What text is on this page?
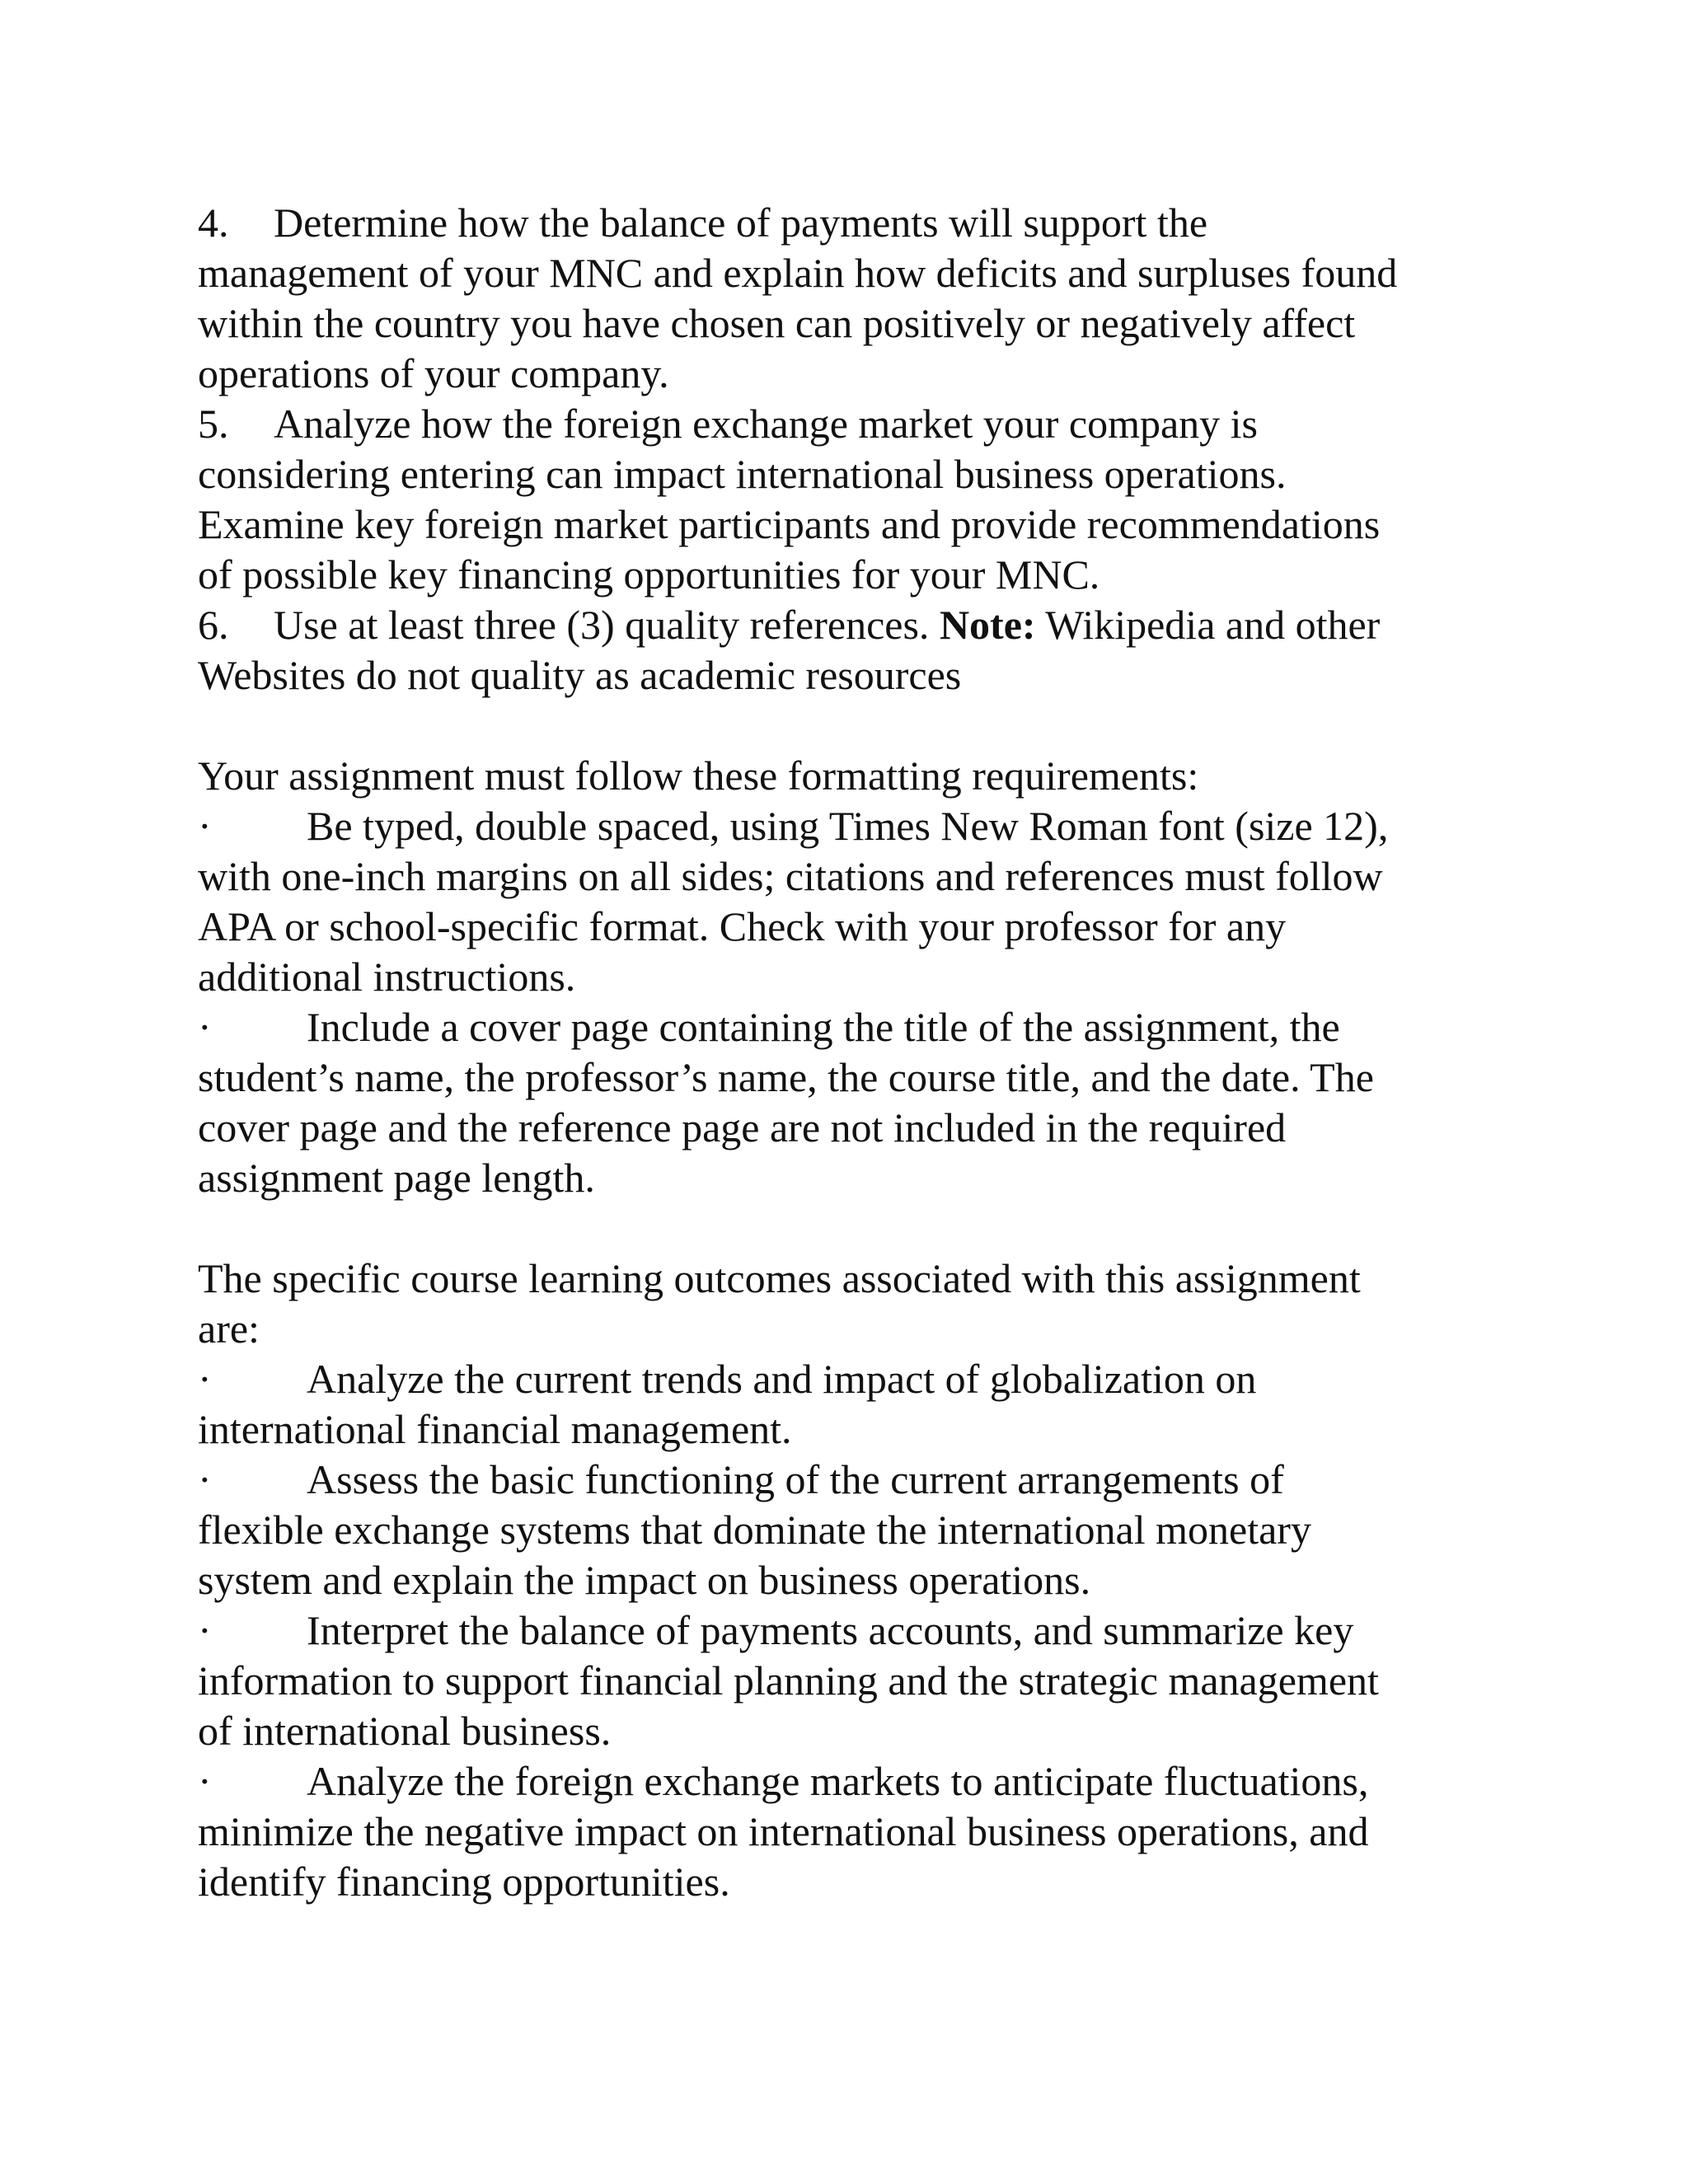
4. Determine how the balance of payments will support the
management of your MNC and explain how deficits and surpluses found
within the country you have chosen can positively or negatively affect
operations of your company.
5. Analyze how the foreign exchange market your company is
considering entering can impact international business operations.
Examine key foreign market participants and provide recommendations
of possible key financing opportunities for your MNC.
6. Use at least three (3) quality references. Note: Wikipedia and other
Websites do not quality as academic resources
Your assignment must follow these formatting requirements:
· Be typed, double spaced, using Times New Roman font (size 12),
with one-inch margins on all sides; citations and references must follow
APA or school-specific format. Check with your professor for any
additional instructions.
· Include a cover page containing the title of the assignment, the
student’s name, the professor’s name, the course title, and the date. The
cover page and the reference page are not included in the required
assignment page length.
The specific course learning outcomes associated with this assignment
are:
· Analyze the current trends and impact of globalization on
international financial management.
· Assess the basic functioning of the current arrangements of
flexible exchange systems that dominate the international monetary
system and explain the impact on business operations.
· Interpret the balance of payments accounts, and summarize key
information to support financial planning and the strategic management
of international business.
· Analyze the foreign exchange markets to anticipate fluctuations,
minimize the negative impact on international business operations, and
identify financing opportunities.
